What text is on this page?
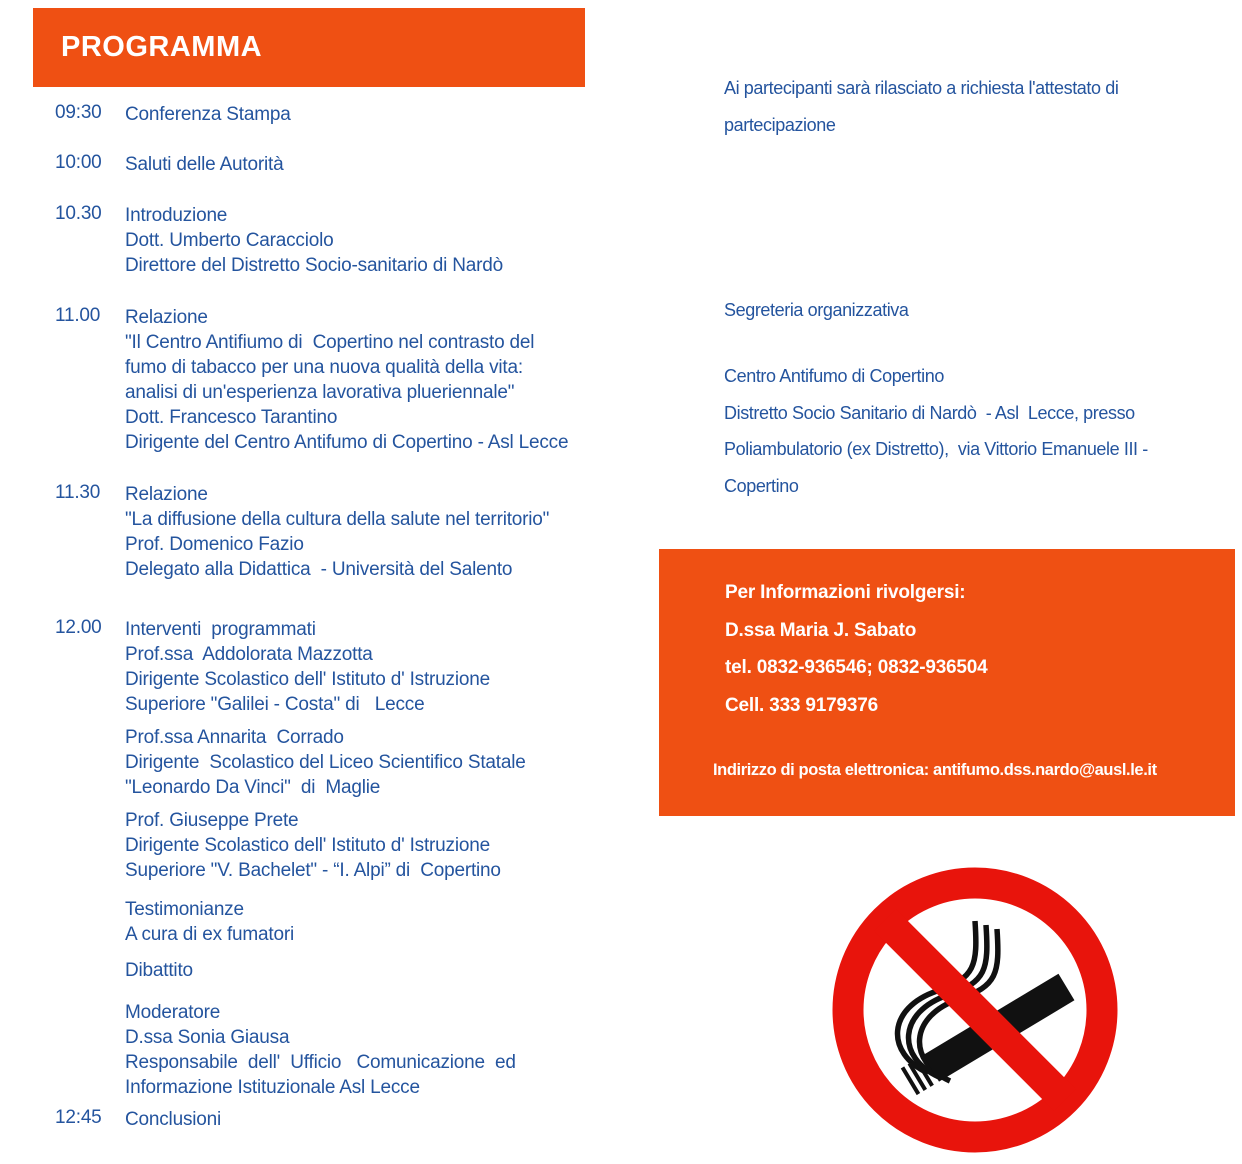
PROGRAMMA
09:30 Conferenza Stampa
10:00 Saluti delle Autorità
10.30 Introduzione
Dott. Umberto Caracciolo
Direttore del Distretto Socio-sanitario di Nardò
11.00 Relazione
"Il Centro Antifiumo di  Copertino nel contrasto del
fumo di tabacco per una nuova qualità della vita:
analisi di un'esperienza lavorativa plueriennale"
Dott. Francesco Tarantino
Dirigente del Centro Antifumo di Copertino - Asl Lecce
11.30 Relazione
"La diffusione della cultura della salute nel territorio"
Prof. Domenico Fazio
Delegato alla Didattica  - Università del Salento
12.00 Interventi  programmati
Prof.ssa  Addolorata Mazzotta
Dirigente Scolastico dell' Istituto d' Istruzione
Superiore "Galilei - Costa" di   Lecce
Prof.ssa Annarita  Corrado
Dirigente  Scolastico del Liceo Scientifico Statale
"Leonardo Da Vinci"  di  Maglie
Prof. Giuseppe Prete
Dirigente Scolastico dell' Istituto d' Istruzione
Superiore "V. Bachelet" - “I. Alpi” di  Copertino
Testimonianze
A cura di ex fumatori
Dibattito
Moderatore
D.ssa Sonia Giausa
Responsabile  dell'  Ufficio   Comunicazione  ed
Informazione Istituzionale Asl Lecce
12:45 Conclusioni
Ai partecipanti sarà rilasciato a richiesta l'attestato di
partecipazione
Segreteria organizzativa
Centro Antifumo di Copertino
Distretto Socio Sanitario di Nardò  - Asl  Lecce, presso
Poliambulatorio (ex Distretto),  via Vittorio Emanuele III -
Copertino
Per Informazioni rivolgersi:
D.ssa Maria J. Sabato
tel. 0832-936546; 0832-936504
Cell. 333 9179376
Indirizzo di posta elettronica: antifumo.dss.nardo@ausl.le.it
